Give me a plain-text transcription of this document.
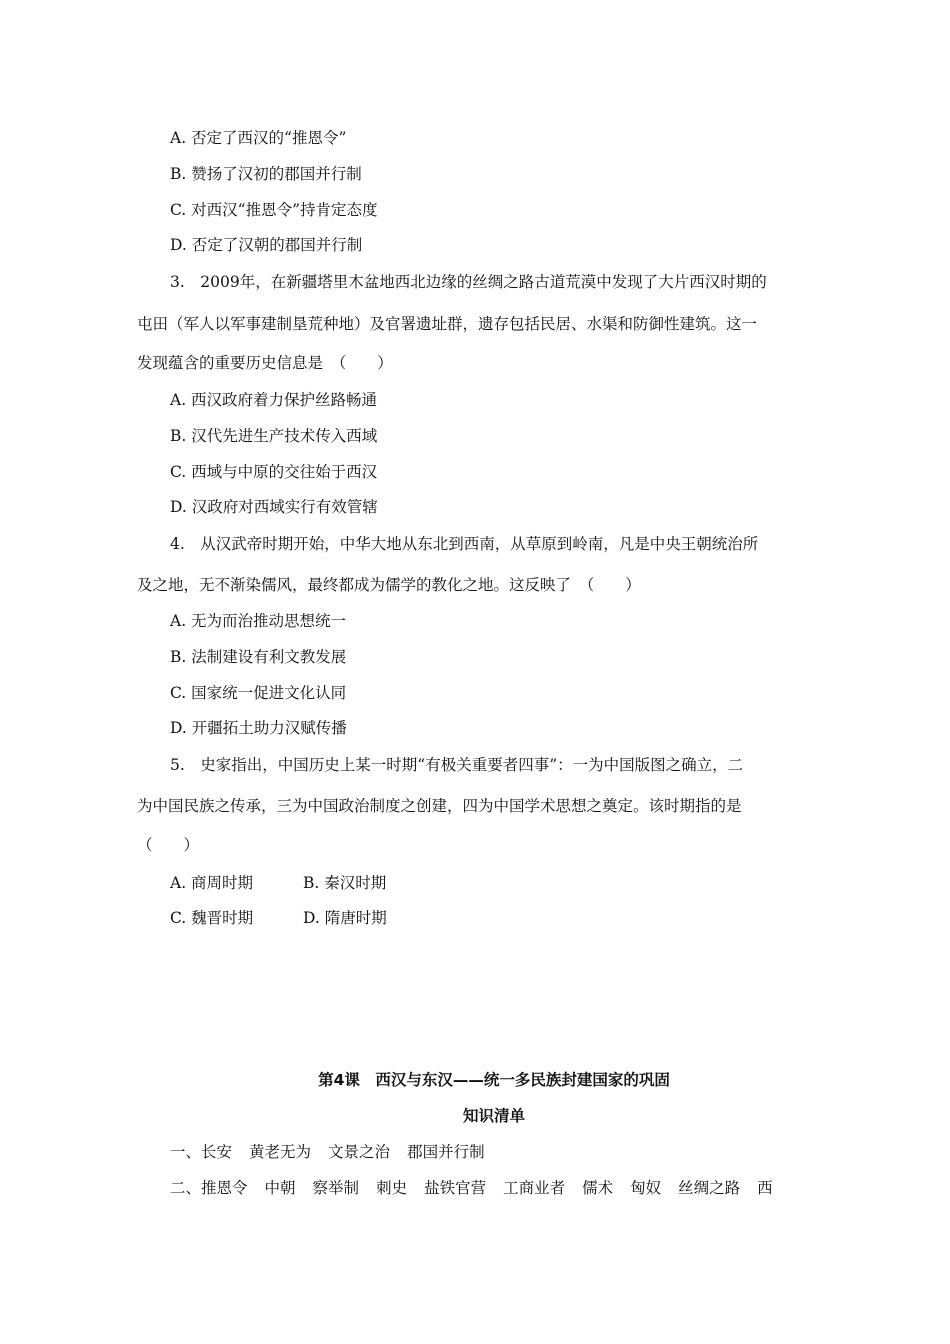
A. 否定了西汉的“推恩令”
B. 赞扬了汉初的郡国并行制
C. 对西汉“推恩令”持肯定态度
D. 否定了汉朝的郡国并行制
3.　2009年，在新疆塔里木盆地西北边缘的丝绸之路古道荒漠中发现了大片西汉时期的
屯田（军人以军事建制垦荒种地）及官署遗址群，遗存包括民居、水渠和防御性建筑。这一
发现蕴含的重要历史信息是　（　　）
A. 西汉政府着力保护丝路畅通
B. 汉代先进生产技术传入西域
C. 西域与中原的交往始于西汉
D. 汉政府对西域实行有效管辖
4.　从汉武帝时期开始，中华大地从东北到西南，从草原到岭南，凡是中央王朝统治所
及之地，无不渐染儒风，最终都成为儒学的教化之地。这反映了　（　　）
A. 无为而治推动思想统一
B. 法制建设有利文教发展
C. 国家统一促进文化认同
D. 开疆拓土助力汉赋传播
5.　史家指出，中国历史上某一时期“有极关重要者四事”：一为中国版图之确立，二
为中国民族之传承，三为中国政治制度之创建，四为中国学术思想之奠定。该时期指的是
（　　）
A. 商周时期	B. 秦汉时期
C. 魏晋时期	D. 隋唐时期
第4课　西汉与东汉——统一多民族封建国家的巩固
知识清单
一、长安 黄老无为 文景之治 郡国并行制
二、推恩令 中朝 察举制 刺史 盐铁官营 工商业者 儒术 匈奴 丝绸之路 西
